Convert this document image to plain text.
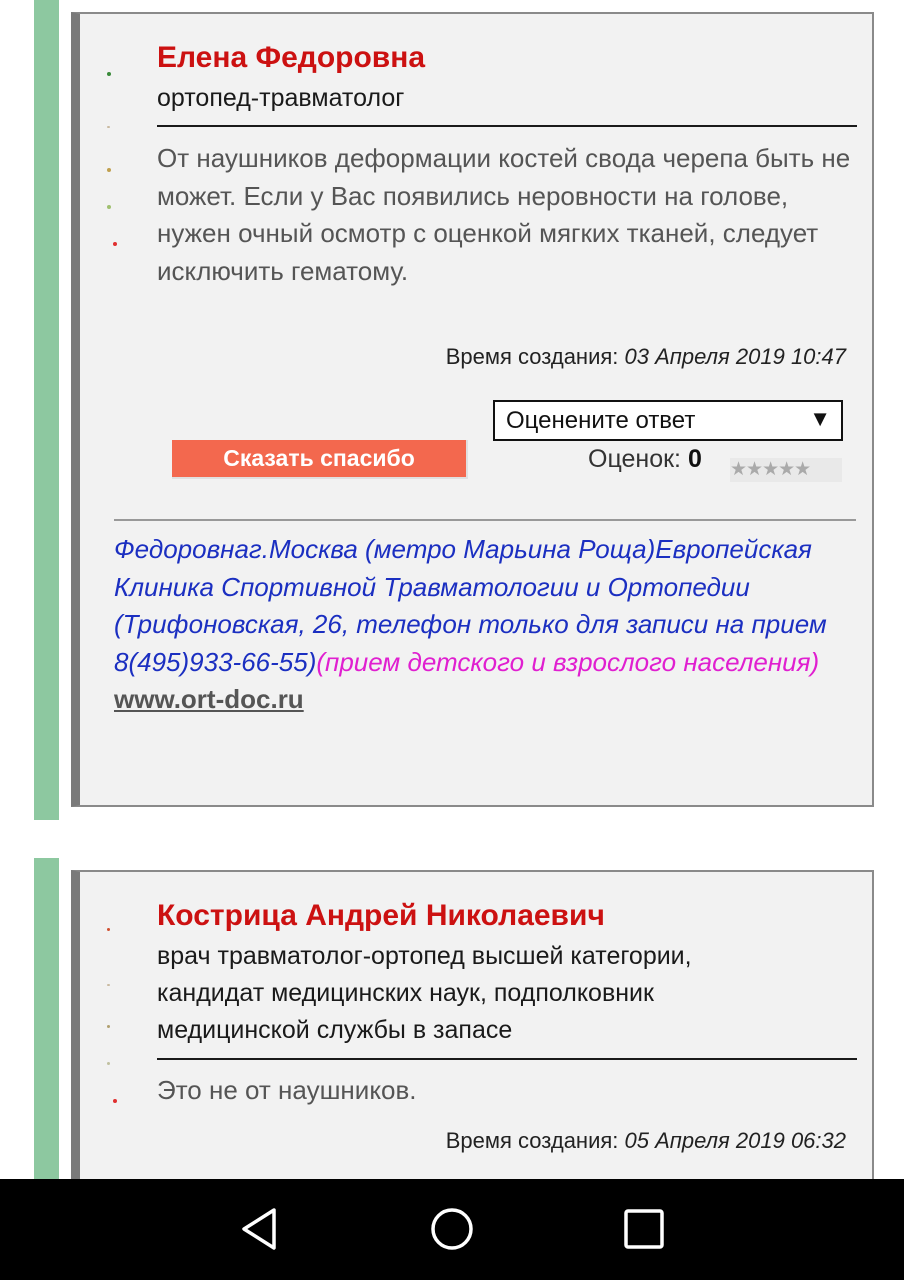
Елена Федоровна
ортопед-травматолог
От наушников деформации костей свода черепа быть не может. Если у Вас появились неровности на голове, нужен очный осмотр с оценкой мягких тканей, следует исключить гематому.
Время создания: 03 Апреля 2019 10:47
Оценените ответ	▼
Сказать спасибо	Оценок: 0 ★★★★★
Федоровнаг.Москва (метро Марьина Роща)Европейская Клиника Спортивной Травматологии и Ортопедии (Трифоновская, 26, телефон только для записи на прием 8(495)933-66-55)(прием детского и взрослого населения)
www.ort-doc.ru
Кострица Андрей Николаевич
врач травматолог-ортопед высшей категории, кандидат медицинских наук, подполковник медицинской службы в запасе
Это не от наушников.
Время создания: 05 Апреля 2019 06:32
